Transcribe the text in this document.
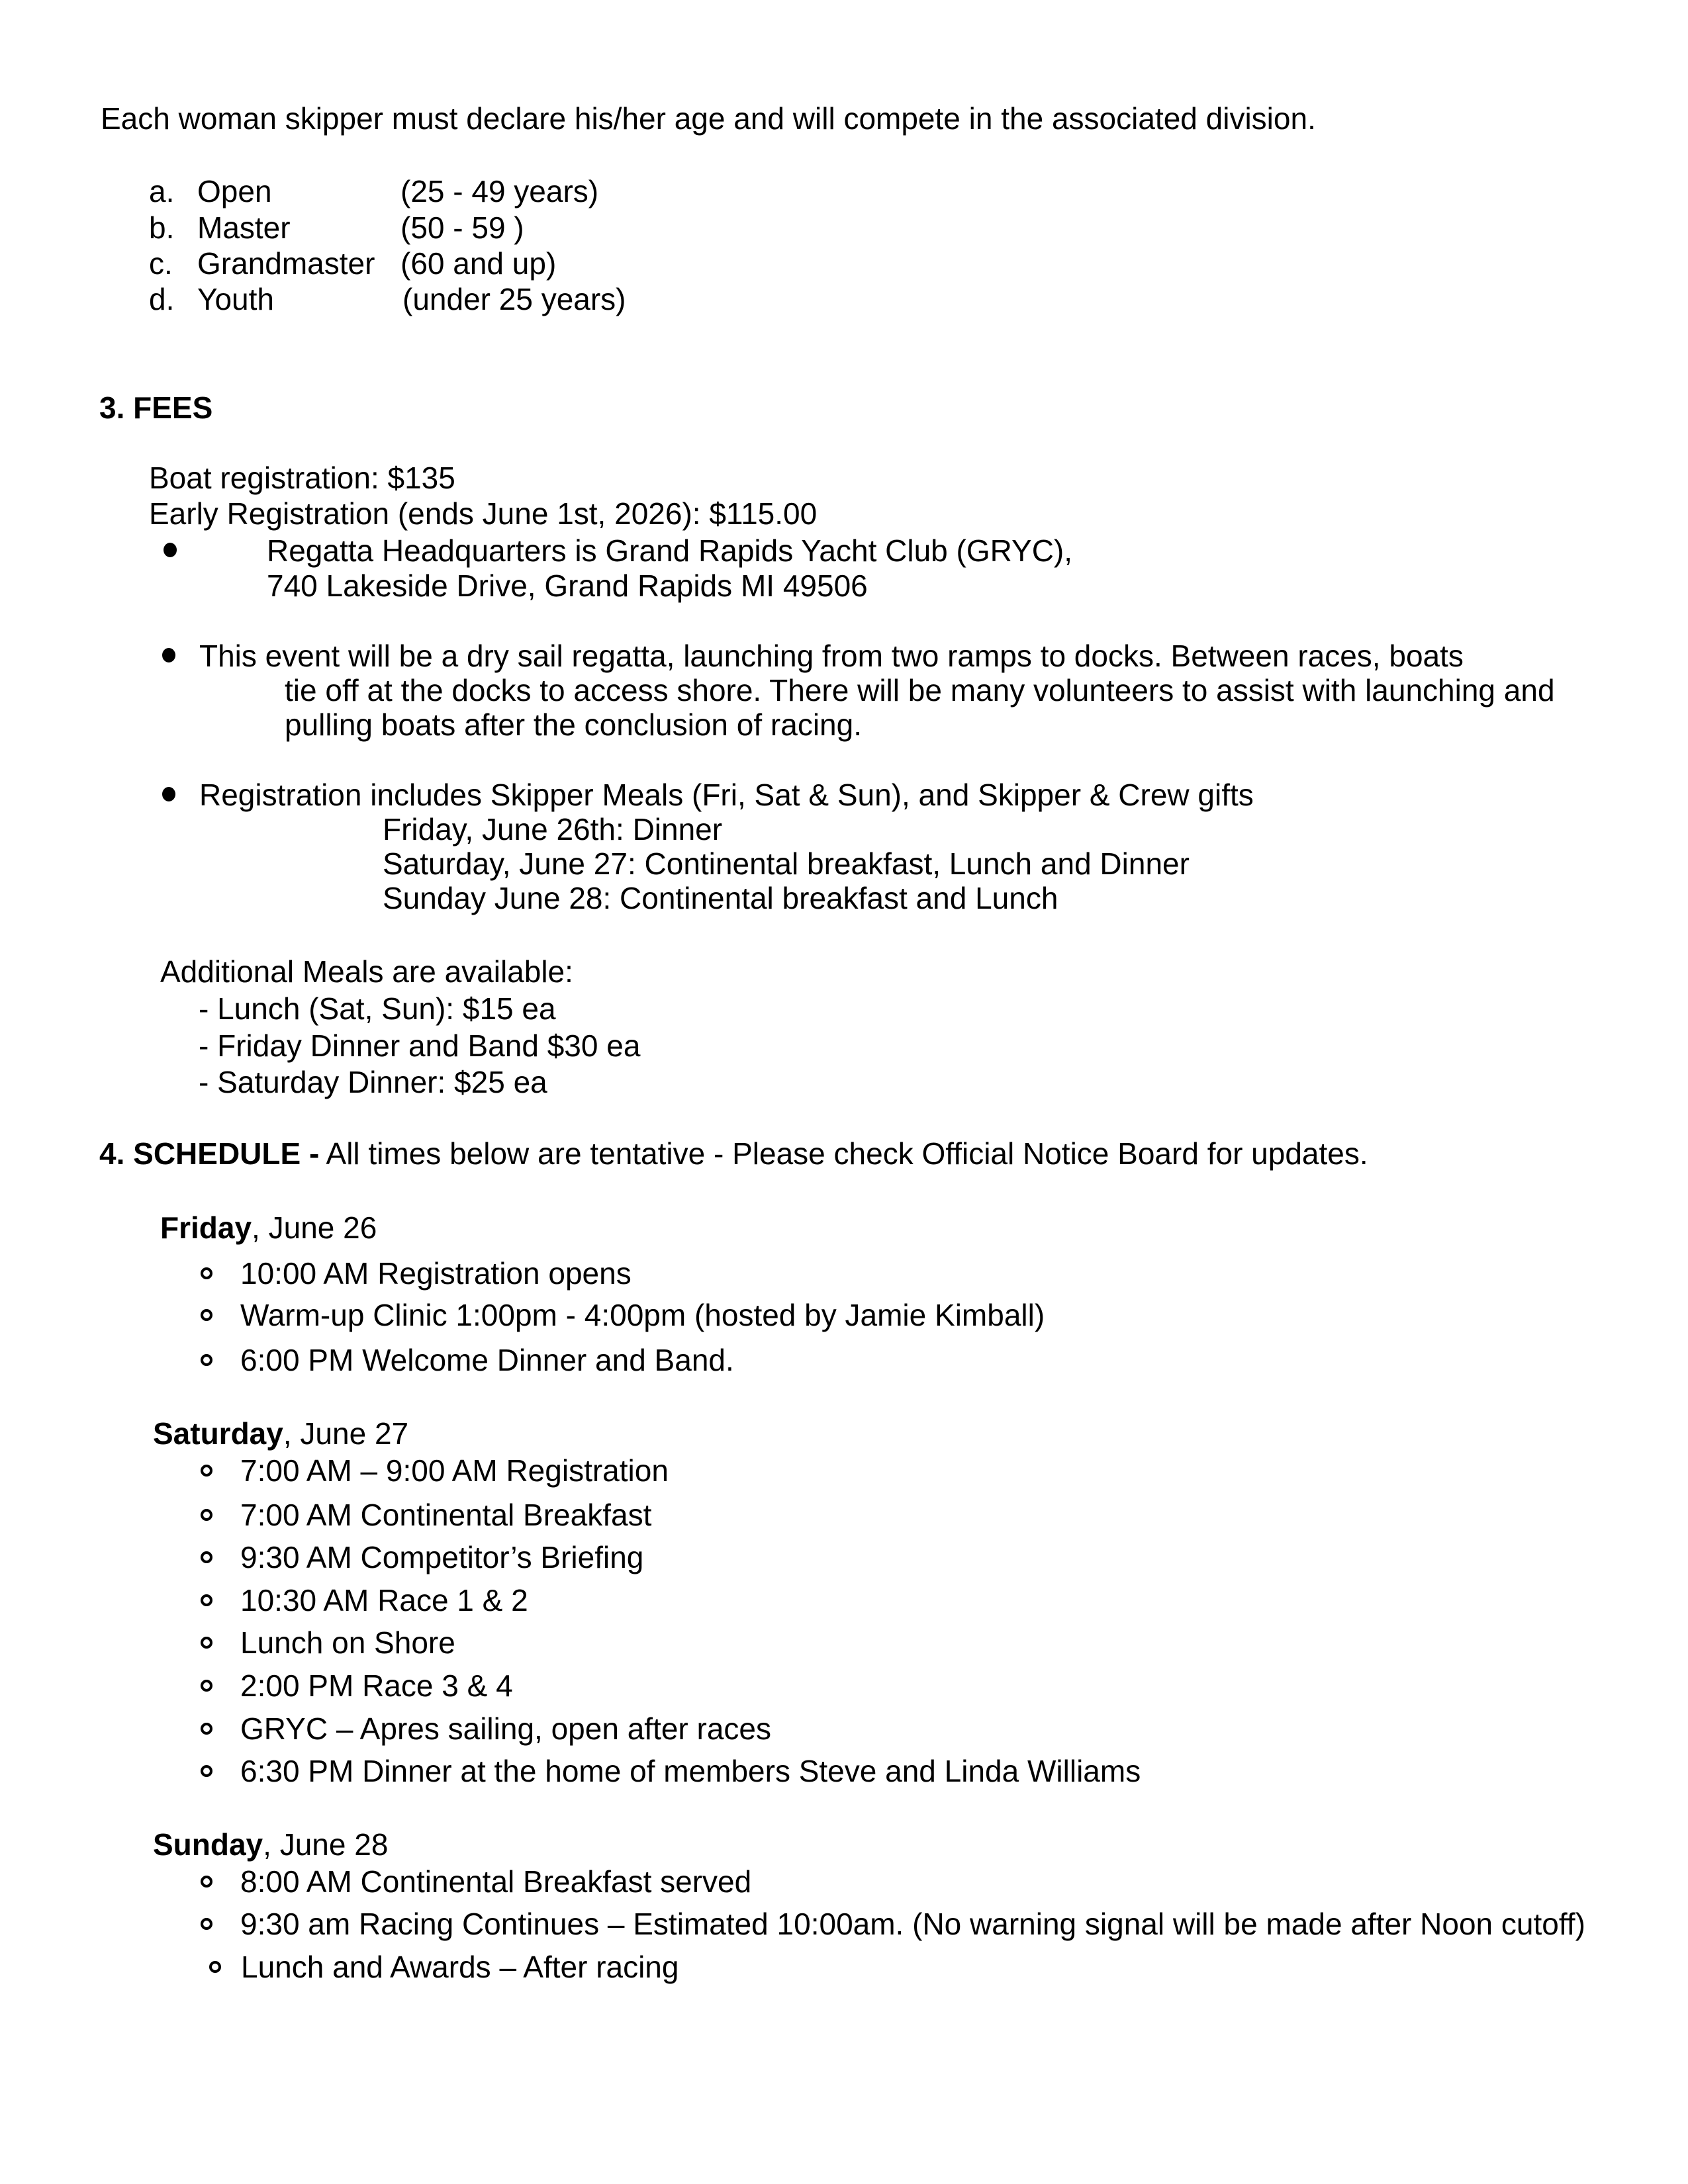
Each woman skipper must declare his/her age and will compete in the associated division.
a. Open	(25 - 49 years)
b. Master	(50 - 59 )
c. Grandmaster (60 and up)
d. Youth	(under 25 years)
3. FEES
Boat registration: $135
Early Registration (ends June 1st, 2026): $115.00
Regatta Headquarters is Grand Rapids Yacht Club (GRYC),
740 Lakeside Drive, Grand Rapids MI 49506
This event will be a dry sail regatta, launching from two ramps to docks. Between races, boats
tie off at the docks to access shore. There will be many volunteers to assist with launching and
pulling boats after the conclusion of racing.
Registration includes Skipper Meals (Fri, Sat & Sun), and Skipper & Crew gifts
Friday, June 26th: Dinner
Saturday, June 27: Continental breakfast, Lunch and Dinner
Sunday June 28: Continental breakfast and Lunch
Additional Meals are available:
- Lunch (Sat, Sun): $15 ea
- Friday Dinner and Band $30 ea
- Saturday Dinner: $25 ea
4. SCHEDULE - All times below are tentative - Please check Official Notice Board for updates.
Friday, June 26
10:00 AM Registration opens
Warm-up Clinic 1:00pm - 4:00pm (hosted by Jamie Kimball)
6:00 PM Welcome Dinner and Band.
Saturday, June 27
7:00 AM – 9:00 AM Registration
7:00 AM Continental Breakfast
9:30 AM Competitor’s Briefing
10:30 AM Race 1 & 2
Lunch on Shore
2:00 PM Race 3 & 4
GRYC – Apres sailing, open after races
6:30 PM Dinner at the home of members Steve and Linda Williams
Sunday, June 28
8:00 AM Continental Breakfast served
9:30 am Racing Continues – Estimated 10:00am. (No warning signal will be made after Noon cutoff)
Lunch and Awards – After racing
